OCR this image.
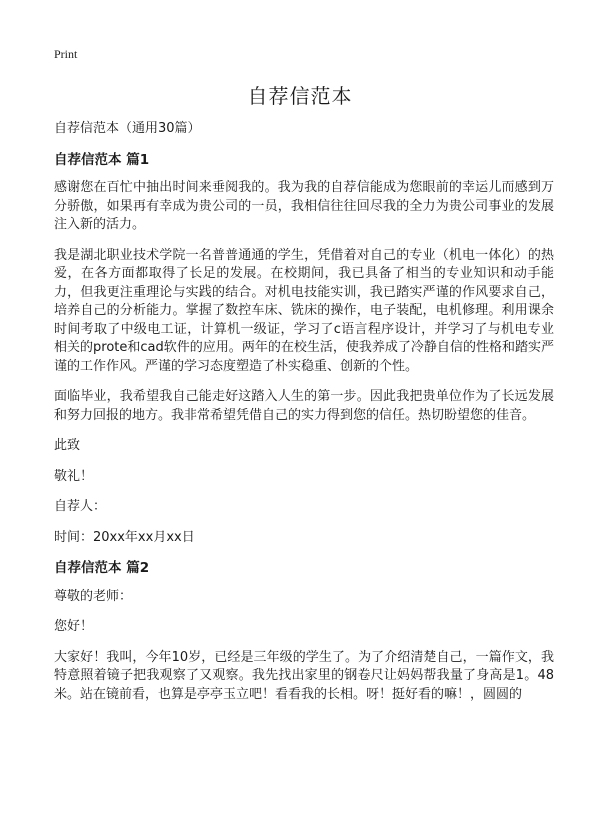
Print
自荐信范本

自荐信范本（通用30篇）

自荐信范本 篇1

感谢您在百忙中抽出时间来垂阅我的。我为我的自荐信能成为您眼前的幸运儿而感到万分骄傲，如果再有幸成为贵公司的一员，我相信往往回尽我的全力为贵公司事业的发展注入新的活力。

我是湖北职业技术学院一名普普通通的学生，凭借着对自己的专业（机电一体化）的热爱，在各方面都取得了长足的发展。在校期间，我已具备了相当的专业知识和动手能力，但我更注重理论与实践的结合。对机电技能实训，我已踏实严谨的作风要求自己，培养自己的分析能力。掌握了数控车床、铣床的操作，电子装配，电机修理。利用课余时间考取了中级电工证，计算机一级证，学习了c语言程序设计，并学习了与机电专业相关的prote和cad软件的应用。两年的在校生活，使我养成了冷静自信的性格和踏实严谨的工作作风。严谨的学习态度塑造了朴实稳重、创新的个性。

面临毕业，我希望我自己能走好这踏入人生的第一步。因此我把贵单位作为了长远发展和努力回报的地方。我非常希望凭借自己的实力得到您的信任。热切盼望您的佳音。

此致

敬礼！

自荐人：

时间：20xx年xx月xx日

自荐信范本 篇2

尊敬的老师：

您好！

大家好！我叫，今年10岁，已经是三年级的学生了。为了介绍清楚自己，一篇作文，我特意照着镜子把我观察了又观察。我先找出家里的钢卷尺让妈妈帮我量了身高是1。48米。站在镜前看，也算是亭亭玉立吧！看看我的长相。呀！挺好看的嘛！，圆圆的
